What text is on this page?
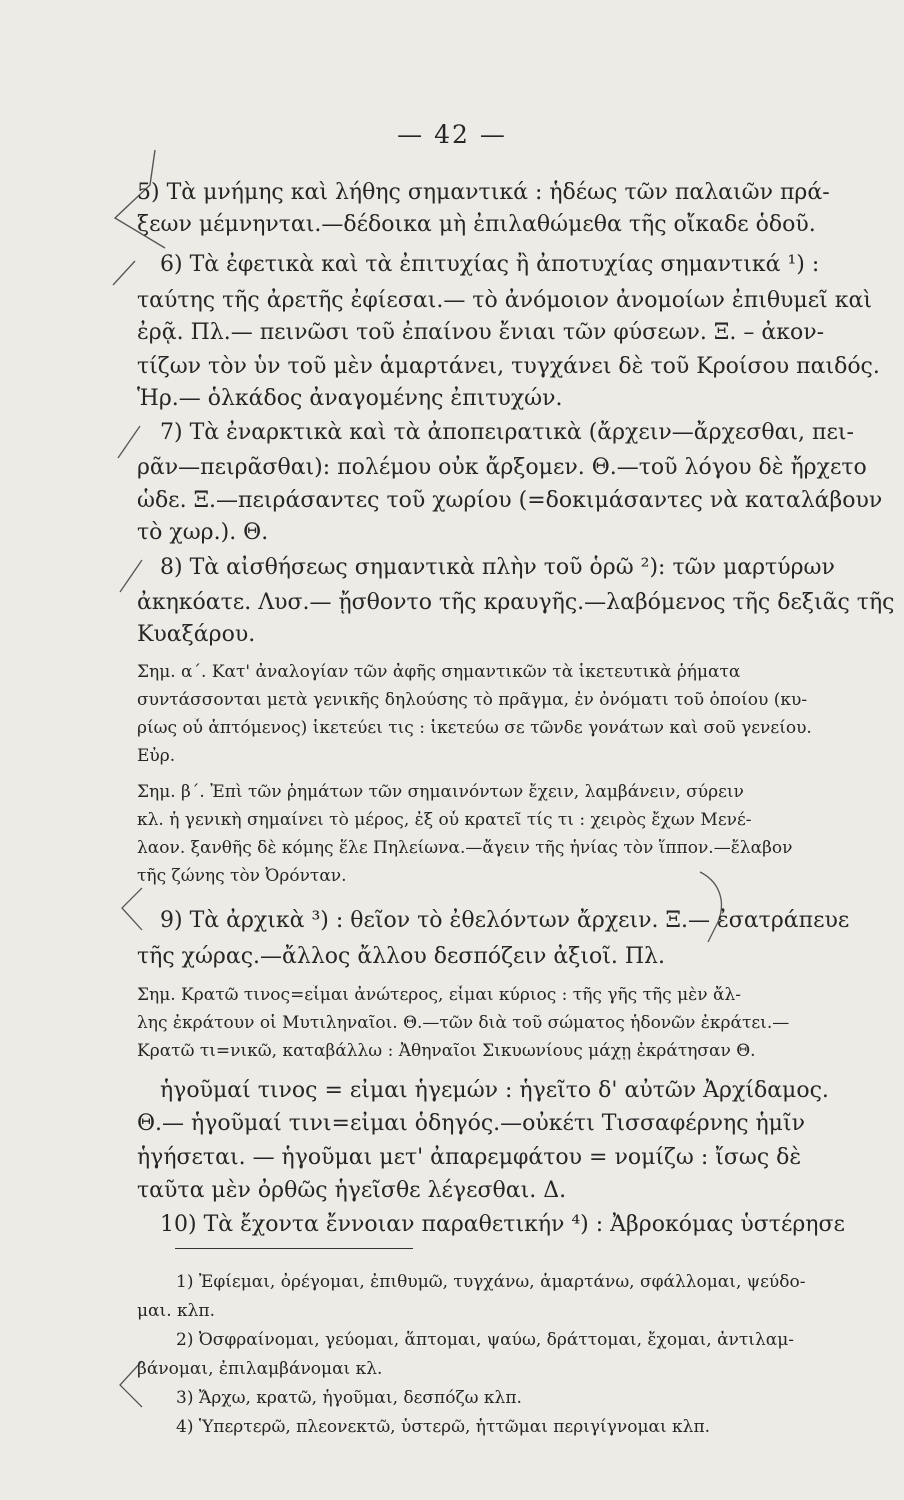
— 42 —
5) Τὰ μνήμης καὶ λήθης σημαντικά : ἡδέως τῶν παλαιῶν πρά-
ξεων μέμνηνται.—δέδοικα μὴ ἐπιλαθώμεθα τῆς οἴκαδε ὁδοῦ.
6) Τὰ ἐφετικὰ καὶ τὰ ἐπιτυχίας ἢ ἀποτυχίας σημαντικά ¹) :
ταύτης τῆς ἀρετῆς ἐφίεσαι.— τὸ ἀνόμοιον ἀνομοίων ἐπιθυμεῖ καὶ
ἐρᾷ. Πλ.— πεινῶσι τοῦ ἐπαίνου ἔνιαι τῶν φύσεων. Ξ. – ἀκον-
τίζων τὸν ὗν τοῦ μὲν ἁμαρτάνει, τυγχάνει δὲ τοῦ Κροίσου παιδός.
Ἡρ.— ὁλκάδος ἀναγομένης ἐπιτυχών.
7) Τὰ ἐναρκτικὰ καὶ τὰ ἀποπειρατικὰ (ἄρχειν—ἄρχεσθαι, πει-
ρᾶν—πειρᾶσθαι): πολέμου οὐκ ἄρξομεν. Θ.—τοῦ λόγου δὲ ἤρχετο
ὧδε. Ξ.—πειράσαντες τοῦ χωρίου (=δοκιμάσαντες νὰ καταλάβουν
τὸ χωρ.). Θ.
8) Τὰ αἰσθήσεως σημαντικὰ πλὴν τοῦ ὁρῶ ²): τῶν μαρτύρων
ἀκηκόατε. Λυσ.— ᾔσθοντο τῆς κραυγῆς.—λαβόμενος τῆς δεξιᾶς τῆς
Κυαξάρου.
Σημ. α΄. Κατ' ἀναλογίαν τῶν ἀφῆς σημαντικῶν τὰ ἱκετευτικὰ ῥήματα
συντάσσονται μετὰ γενικῆς δηλούσης τὸ πρᾶγμα, ἐν ὀνόματι τοῦ ὁποίου (κυ-
ρίως οὗ ἁπτόμενος) ἱκετεύει τις : ἱκετεύω σε τῶνδε γονάτων καὶ σοῦ γενείου.
Εὐρ.
Σημ. β΄. Ἐπὶ τῶν ῥημάτων τῶν σημαινόντων ἔχειν, λαμβάνειν, σύρειν
κλ. ἡ γενικὴ σημαίνει τὸ μέρος, ἐξ οὗ κρατεῖ τίς τι : χειρὸς ἔχων Μενέ-
λαον. ξανθῆς δὲ κόμης ἕλε Πηλείωνα.—ἄγειν τῆς ἡνίας τὸν ἵππον.—ἔλαβον
τῆς ζώνης τὸν Ὀρόνταν.
9) Τὰ ἀρχικὰ ³) : θεῖον τὸ ἐθελόντων ἄρχειν. Ξ.— ἐσατράπευε
τῆς χώρας.—ἄλλος ἄλλου δεσπόζειν ἀξιοῖ. Πλ.
Σημ. Κρατῶ τινος=εἶμαι ἀνώτερος, εἶμαι κύριος : τῆς γῆς τῆς μὲν ἄλ-
λης ἐκράτουν οἱ Μυτιληναῖοι. Θ.—τῶν διὰ τοῦ σώματος ἡδονῶν ἐκράτει.—
Κρατῶ τι=νικῶ, καταβάλλω : Ἀθηναῖοι Σικυωνίους μάχῃ ἐκράτησαν Θ.
ἡγοῦμαί τινος = εἶμαι ἡγεμών : ἡγεῖτο δ' αὐτῶν Ἀρχίδαμος.
Θ.— ἡγοῦμαί τινι=εἶμαι ὁδηγός.—οὐκέτι Τισσαφέρνης ἡμῖν
ἡγήσεται. — ἡγοῦμαι μετ' ἀπαρεμφάτου = νομίζω : ἴσως δὲ
ταῦτα μὲν ὀρθῶς ἡγεῖσθε λέγεσθαι. Δ.
10) Τὰ ἔχοντα ἔννοιαν παραθετικήν ⁴) : Ἀβροκόμας ὑστέρησε
1) Ἐφίεμαι, ὀρέγομαι, ἐπιθυμῶ, τυγχάνω, ἁμαρτάνω, σφάλλομαι, ψεύδο-
μαι. κλπ.
2) Ὀσφραίνομαι, γεύομαι, ἅπτομαι, ψαύω, δράττομαι, ἔχομαι, ἀντιλαμ-
βάνομαι, ἐπιλαμβάνομαι κλ.
3) Ἄρχω, κρατῶ, ἡγοῦμαι, δεσπόζω κλπ.
4) Ὑπερτερῶ, πλεονεκτῶ, ὑστερῶ, ἡττῶμαι περιγίγνομαι κλπ.
